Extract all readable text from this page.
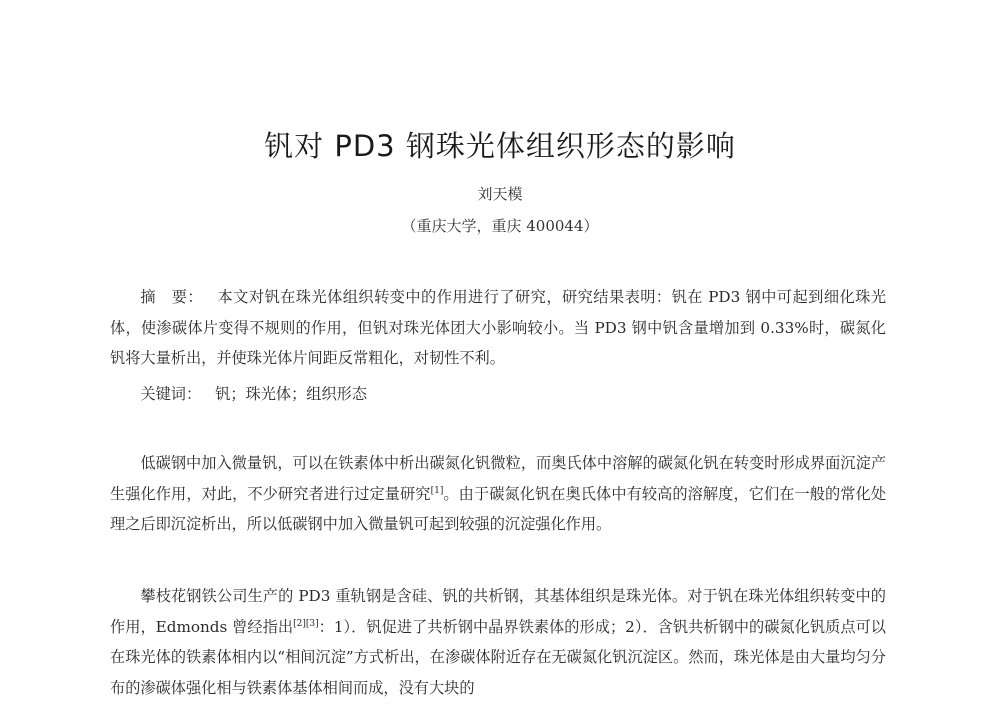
钒对 PD3 钢珠光体组织形态的影响
刘天模
（重庆大学，重庆 400044）

摘　要： 本文对钒在珠光体组织转变中的作用进行了研究，研究结果表明：钒在 PD3 钢中可起到细化珠光体，使渗碳体片变得不规则的作用，但钒对珠光体团大小影响较小。当 PD3 钢中钒含量增加到 0.33%时，碳氮化钒将大量析出，并使珠光体片间距反常粗化，对韧性不利。

关键词： 钒；珠光体；组织形态

低碳钢中加入微量钒，可以在铁素体中析出碳氮化钒微粒，而奥氏体中溶解的碳氮化钒在转变时形成界面沉淀产生强化作用，对此，不少研究者进行过定量研究[1]。由于碳氮化钒在奥氏体中有较高的溶解度，它们在一般的常化处理之后即沉淀析出，所以低碳钢中加入微量钒可起到较强的沉淀强化作用。

攀枝花钢铁公司生产的 PD3 重轨钢是含硅、钒的共析钢，其基体组织是珠光体。对于钒在珠光体组织转变中的作用，Edmonds 曾经指出[2][3]：1）．钒促进了共析钢中晶界铁素体的形成；2）．含钒共析钢中的碳氮化钒质点可以在珠光体的铁素体相内以“相间沉淀”方式析出，在渗碳体附近存在无碳氮化钒沉淀区。然而，珠光体是由大量均匀分布的渗碳体强化相与铁素体基体相间而成，没有大块的
